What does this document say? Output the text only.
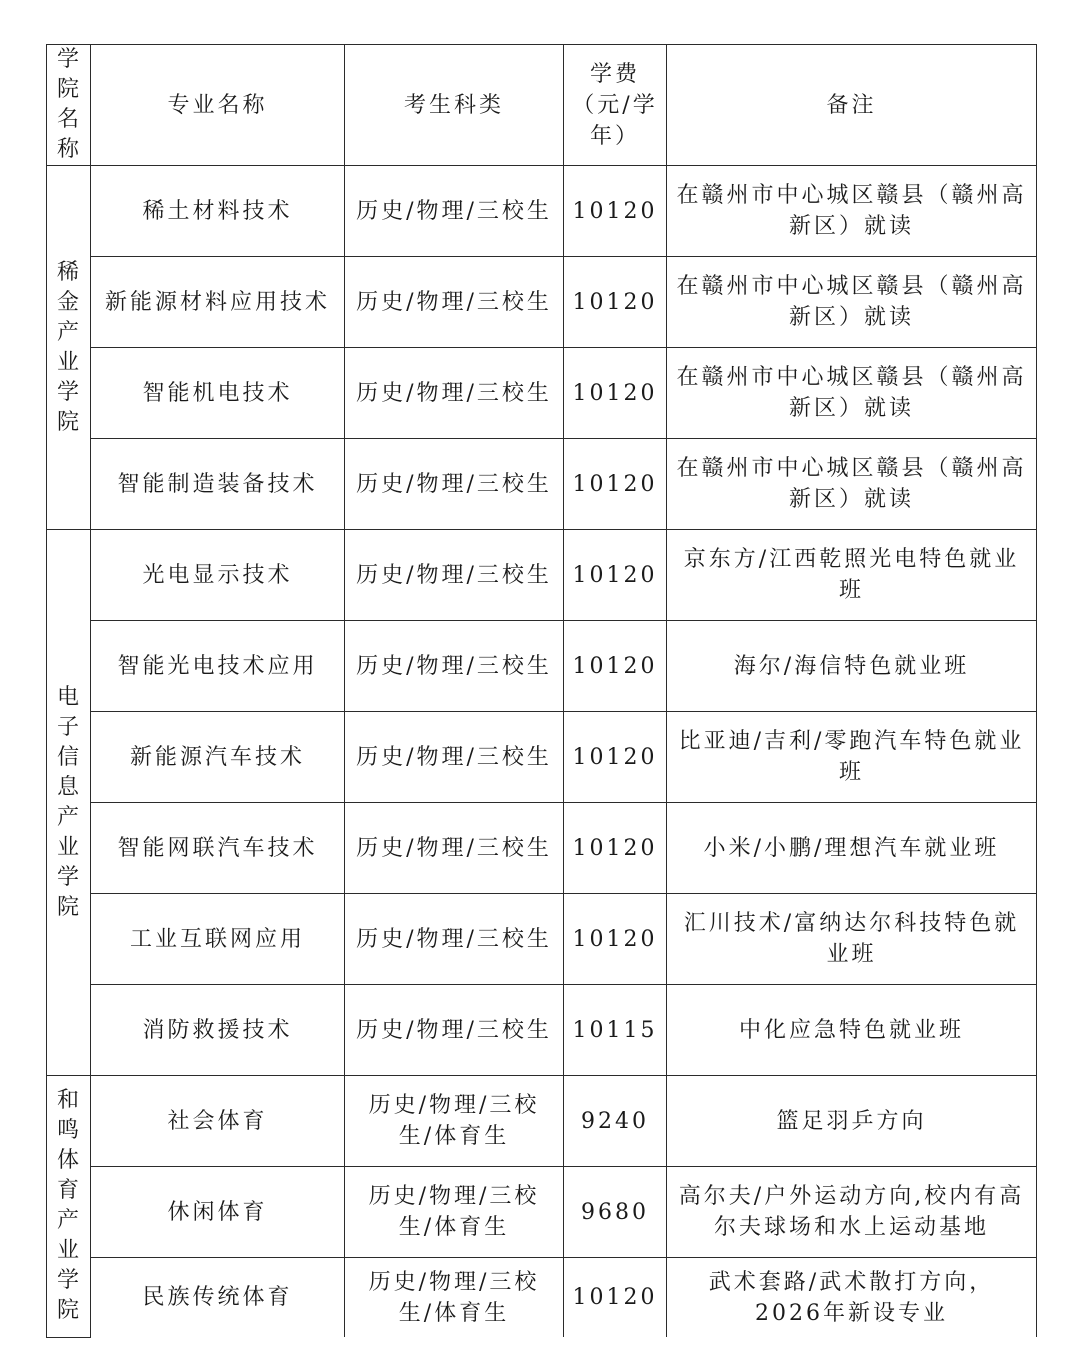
学院名称	专业名称	考生科类	学费（元/学年）	备注
稀金产业学院	稀土材料技术	历史/物理/三校生	10120	在赣州市中心城区赣县（赣州高新区）就读
	新能源材料应用技术	历史/物理/三校生	10120	在赣州市中心城区赣县（赣州高新区）就读
	智能机电技术	历史/物理/三校生	10120	在赣州市中心城区赣县（赣州高新区）就读
	智能制造装备技术	历史/物理/三校生	10120	在赣州市中心城区赣县（赣州高新区）就读
电子信息产业学院	光电显示技术	历史/物理/三校生	10120	京东方/江西乾照光电特色就业班
	智能光电技术应用	历史/物理/三校生	10120	海尔/海信特色就业班
	新能源汽车技术	历史/物理/三校生	10120	比亚迪/吉利/零跑汽车特色就业班
	智能网联汽车技术	历史/物理/三校生	10120	小米/小鹏/理想汽车就业班
	工业互联网应用	历史/物理/三校生	10120	汇川技术/富纳达尔科技特色就业班
	消防救援技术	历史/物理/三校生	10115	中化应急特色就业班
和鸣体育产业学院	社会体育	历史/物理/三校生/体育生	9240	篮足羽乒方向
	休闲体育	历史/物理/三校生/体育生	9680	高尔夫/户外运动方向,校内有高尔夫球场和水上运动基地
	民族传统体育	历史/物理/三校生/体育生	10120	武术套路/武术散打方向，2026年新设专业
